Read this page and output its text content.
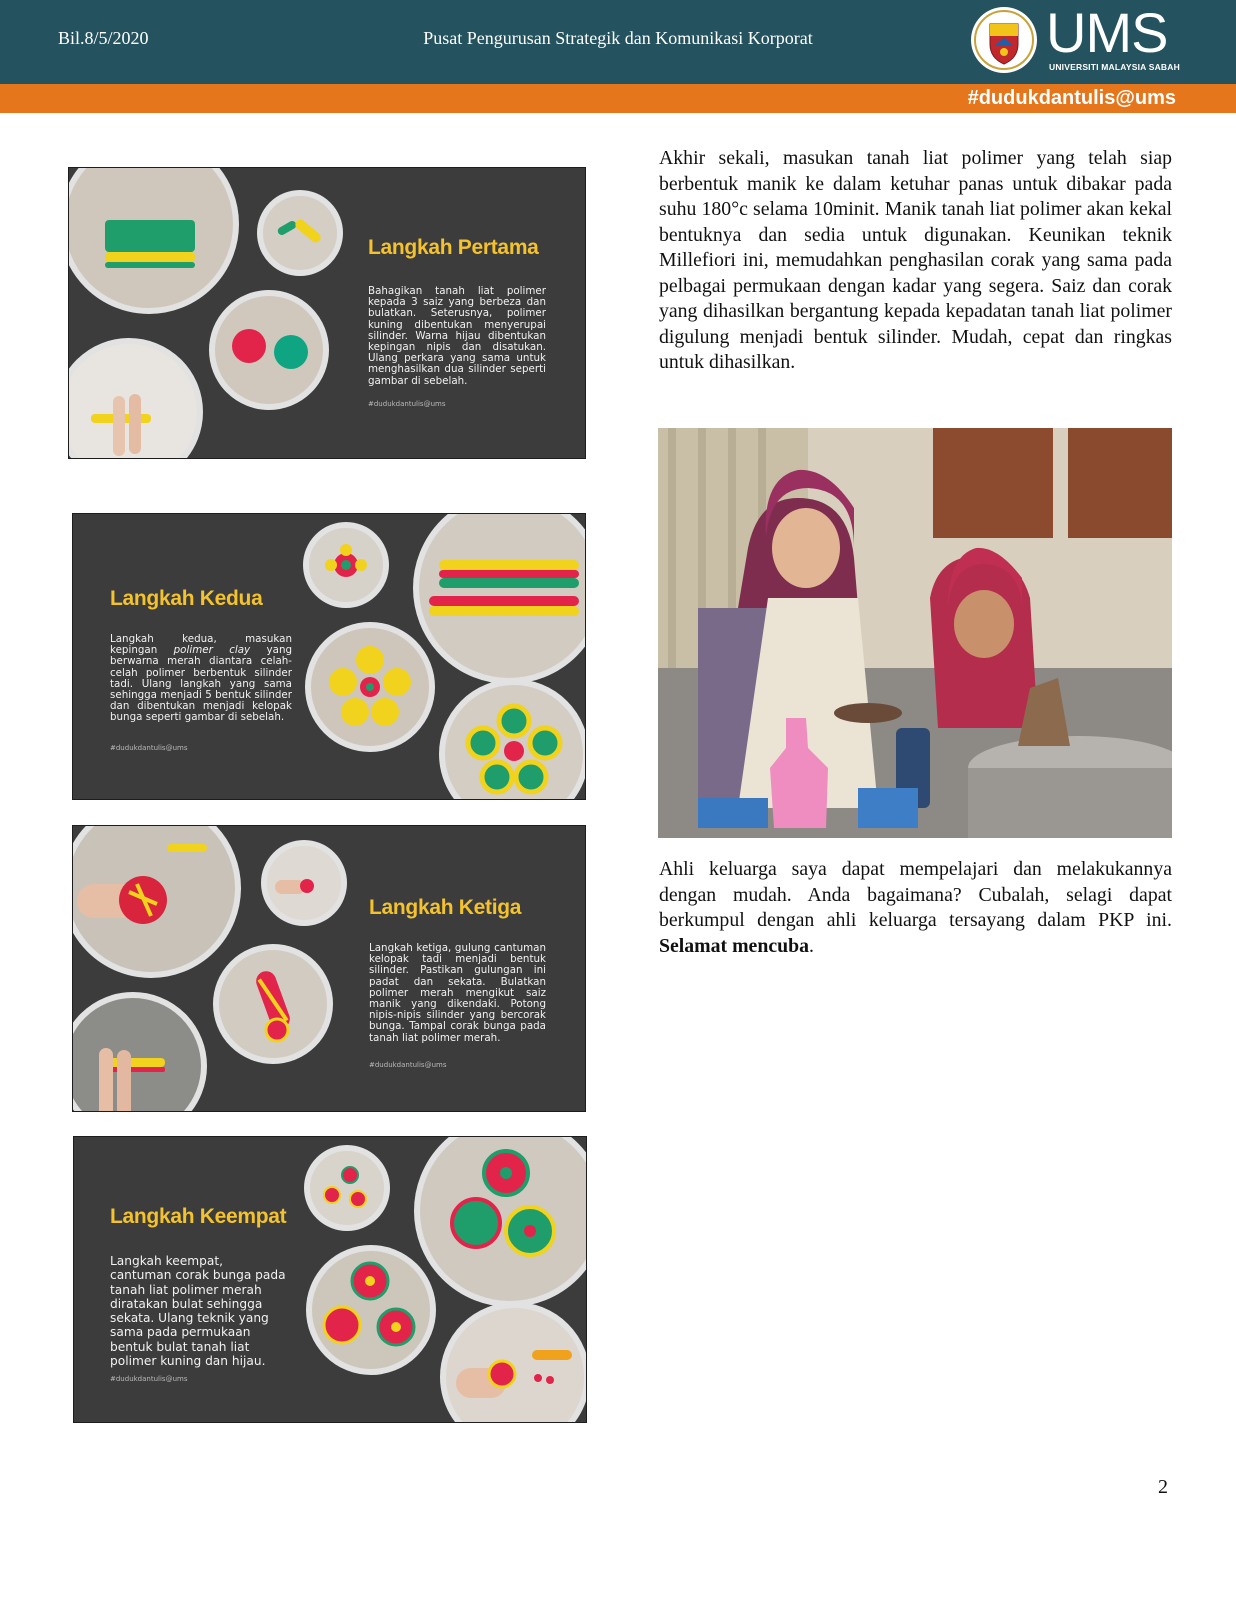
Bil.8/5/2020	Pusat Pengurusan Strategik dan Komunikasi Korporat	UMS
UNIVERSITI MALAYSIA SABAH
#dudukdantulis@ums
Langkah Pertama
Bahagikan tanah liat polimer kepada 3 saiz yang berbeza dan bulatkan. Seterusnya, polimer kuning dibentukan menyerupai silinder. Warna hijau dibentukan kepingan nipis dan disatukan. Ulang perkara yang sama untuk menghasilkan dua silinder seperti gambar di sebelah.
#dudukdantulis@ums
Langkah Kedua
Langkah kedua, masukan kepingan polimer clay yang berwarna merah diantara celah-celah polimer berbentuk silinder tadi. Ulang langkah yang sama sehingga menjadi 5 bentuk silinder dan dibentukan menjadi kelopak bunga seperti gambar di sebelah.
#dudukdantulis@ums
Langkah Ketiga
Langkah ketiga, gulung cantuman kelopak tadi menjadi bentuk silinder. Pastikan gulungan ini padat dan sekata. Bulatkan polimer merah mengikut saiz manik yang dikendaki. Potong nipis-nipis silinder yang bercorak bunga. Tampal corak bunga pada tanah liat polimer merah.
#dudukdantulis@ums
Langkah Keempat
Langkah keempat, cantuman corak bunga pada tanah liat polimer merah diratakan bulat sehingga sekata. Ulang teknik yang sama pada permukaan bentuk bulat tanah liat polimer kuning dan hijau.
#dudukdantulis@ums
Akhir sekali, masukan tanah liat polimer yang telah siap berbentuk manik ke dalam ketuhar panas untuk dibakar pada suhu 180°c selama 10minit. Manik tanah liat polimer akan kekal bentuknya dan sedia untuk digunakan. Keunikan teknik Millefiori ini, memudahkan penghasilan corak yang sama pada pelbagai permukaan dengan kadar yang segera. Saiz dan corak yang dihasilkan bergantung kepada kepadatan tanah liat polimer digulung menjadi bentuk silinder. Mudah, cepat dan ringkas untuk dihasilkan.
Ahli keluarga saya dapat mempelajari dan melakukannya dengan mudah. Anda bagaimana? Cubalah, selagi dapat berkumpul dengan ahli keluarga tersayang dalam PKP ini. Selamat mencuba.
2
